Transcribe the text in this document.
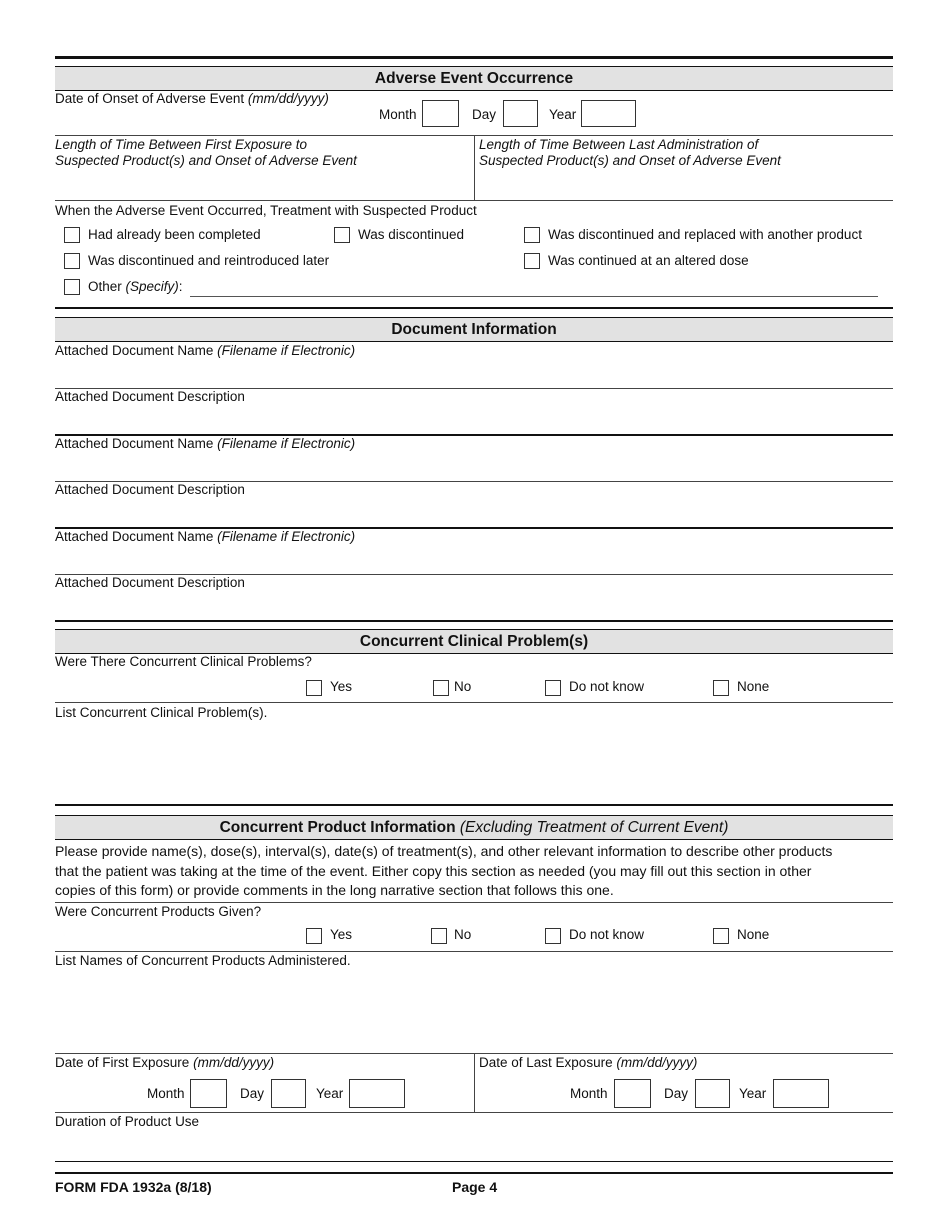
Adverse Event Occurrence
Date of Onset of Adverse Event (mm/dd/yyyy)
Month	Day	Year
Length of Time Between First Exposure to
Suspected Product(s) and Onset of Adverse Event
Length of Time Between Last Administration of
Suspected Product(s) and Onset of Adverse Event
When the Adverse Event Occurred, Treatment with Suspected Product
Had already been completed	Was discontinued	Was discontinued and replaced with another product
Was discontinued and reintroduced later	Was continued at an altered dose
Other (Specify):
Document Information
Attached Document Name (Filename if Electronic)
Attached Document Description
Attached Document Name (Filename if Electronic)
Attached Document Description
Attached Document Name (Filename if Electronic)
Attached Document Description
Concurrent Clinical Problem(s)
Were There Concurrent Clinical Problems?
Yes	No	Do not know	None
List Concurrent Clinical Problem(s).
Concurrent Product Information (Excluding Treatment of Current Event)
Please provide name(s), dose(s), interval(s), date(s) of treatment(s), and other relevant information to describe other products
that the patient was taking at the time of the event. Either copy this section as needed (you may fill out this section in other
copies of this form) or provide comments in the long narrative section that follows this one.
Were Concurrent Products Given?
Yes	No	Do not know	None
List Names of Concurrent Products Administered.
Date of First Exposure (mm/dd/yyyy)
Month	Day	Year
Date of Last Exposure (mm/dd/yyyy)
Month	Day	Year
Duration of Product Use
FORM FDA 1932a (8/18)	Page 4
